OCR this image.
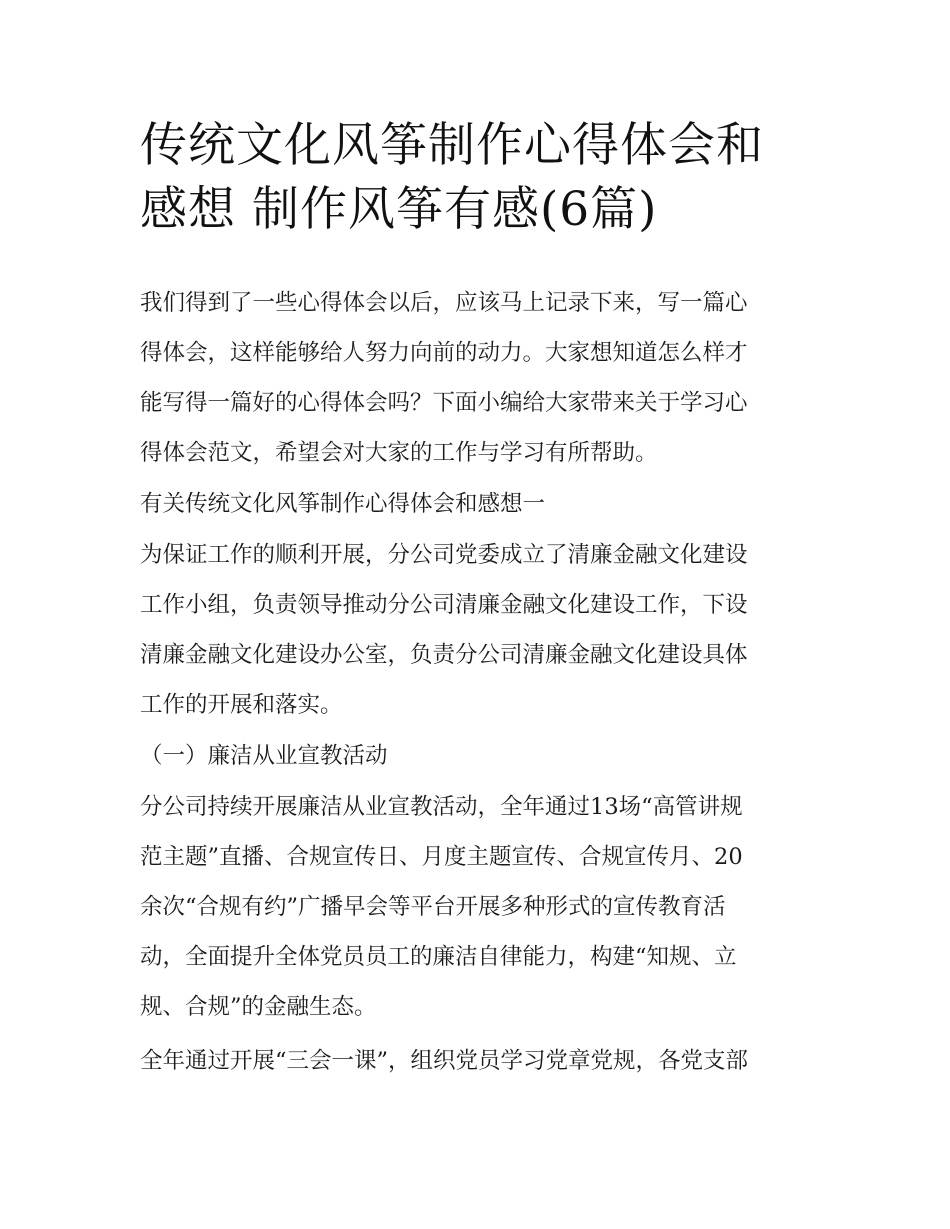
传统文化风筝制作心得体会和
感想 制作风筝有感(6篇)
我们得到了一些心得体会以后，应该马上记录下来，写一篇心
得体会，这样能够给人努力向前的动力。大家想知道怎么样才
能写得一篇好的心得体会吗？下面小编给大家带来关于学习心
得体会范文，希望会对大家的工作与学习有所帮助。
有关传统文化风筝制作心得体会和感想一
为保证工作的顺利开展，分公司党委成立了清廉金融文化建设
工作小组，负责领导推动分公司清廉金融文化建设工作，下设
清廉金融文化建设办公室，负责分公司清廉金融文化建设具体
工作的开展和落实。
（一）廉洁从业宣教活动
分公司持续开展廉洁从业宣教活动，全年通过13场“高管讲规
范主题”直播、合规宣传日、月度主题宣传、合规宣传月、20
余次“合规有约”广播早会等平台开展多种形式的宣传教育活
动，全面提升全体党员员工的廉洁自律能力，构建“知规、立
规、合规”的金融生态。
全年通过开展“三会一课”，组织党员学习党章党规，各党支部
